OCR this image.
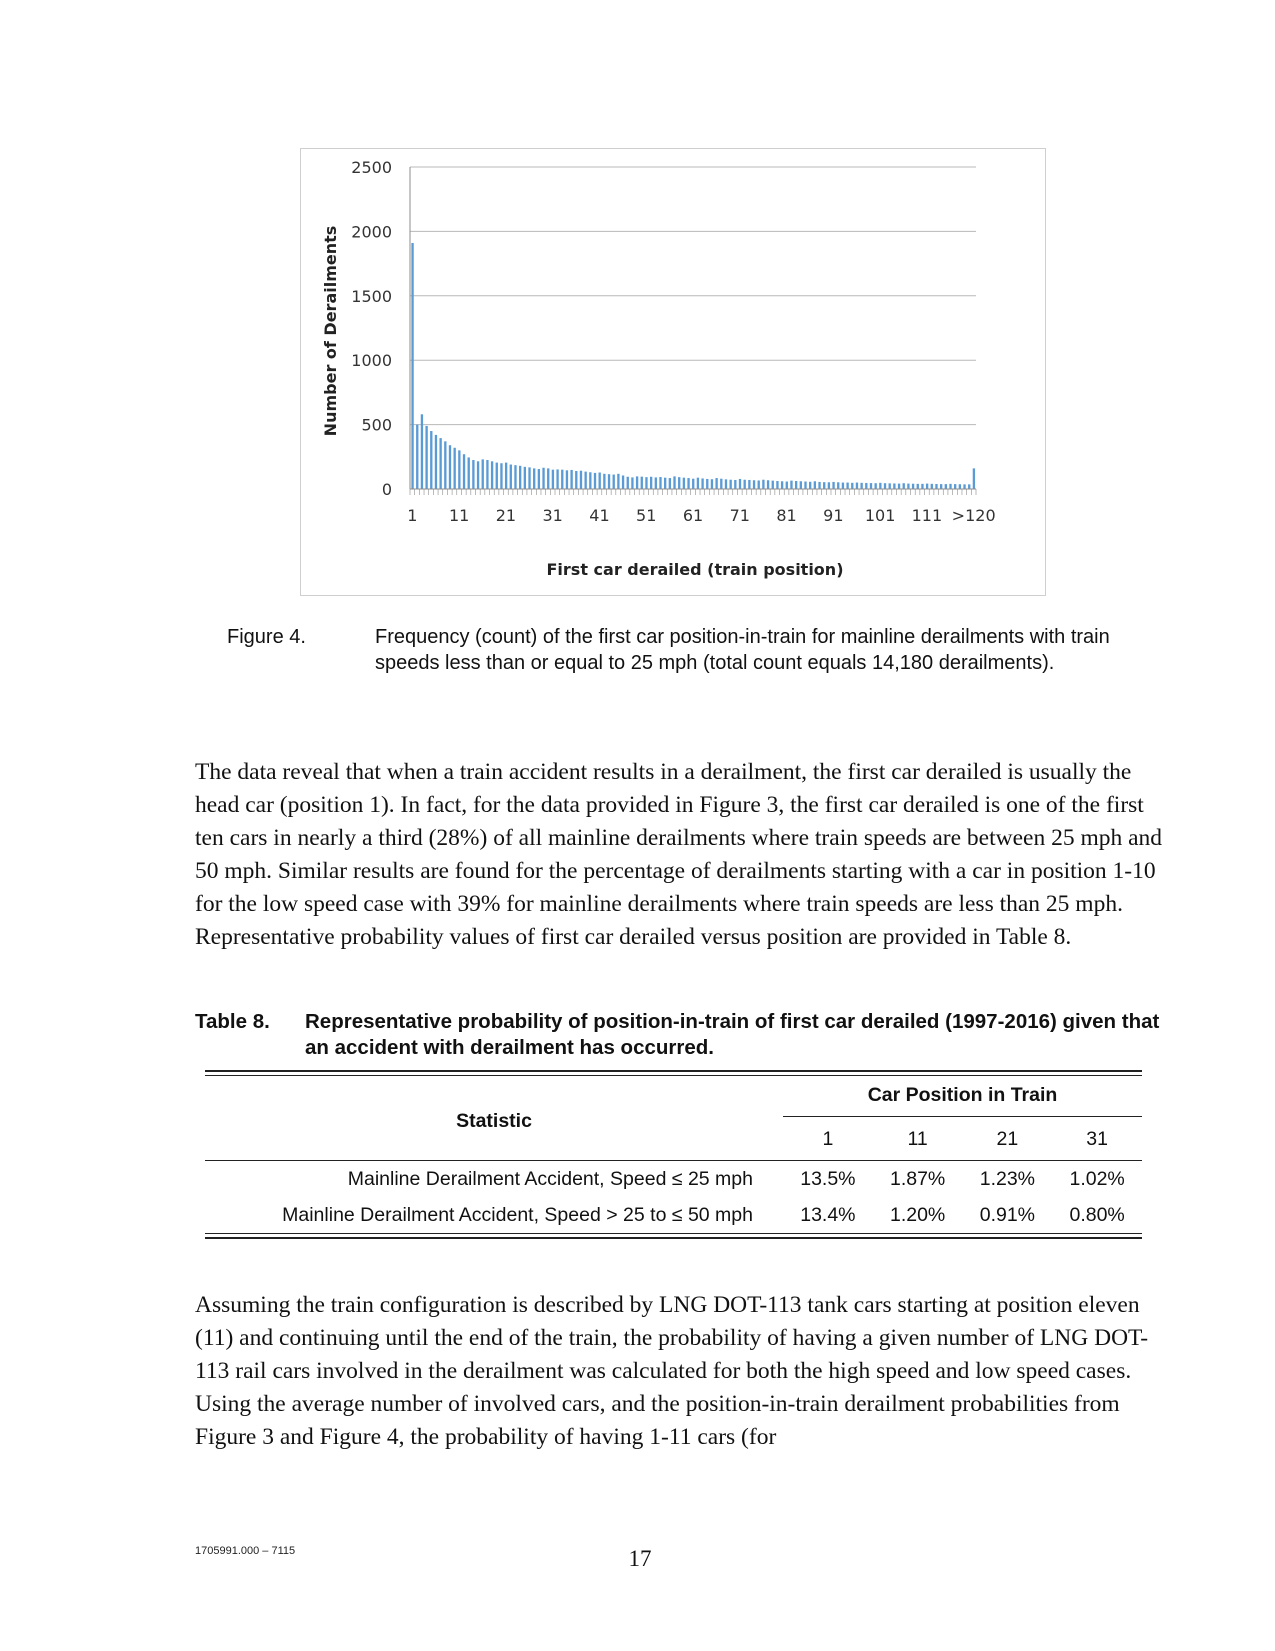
0
500
1000
1500
2000
2500
1 11 21 31 41 51 61 71 81 91 101 111 >120
Number of Derailments
First car derailed (train position)
Figure 4.	Frequency (count) of the first car position-in-train for mainline derailments with train speeds less than or equal to 25 mph (total count equals 14,180 derailments).

The data reveal that when a train accident results in a derailment, the first car derailed is usually the head car (position 1). In fact, for the data provided in Figure 3, the first car derailed is one of the first ten cars in nearly a third (28%) of all mainline derailments where train speeds are between 25 mph and 50 mph. Similar results are found for the percentage of derailments starting with a car in position 1-10 for the low speed case with 39% for mainline derailments where train speeds are less than 25 mph. Representative probability values of first car derailed versus position are provided in Table 8.

Table 8. Representative probability of position-in-train of first car derailed (1997-2016) given that an accident with derailment has occurred.
Statistic
Car Position in Train
1	11	21	31
Mainline Derailment Accident, Speed ≤ 25 mph	13.5%	1.87%	1.23%	1.02%
Mainline Derailment Accident, Speed > 25 to ≤ 50 mph	13.4%	1.20%	0.91%	0.80%

Assuming the train configuration is described by LNG DOT-113 tank cars starting at position eleven (11) and continuing until the end of the train, the probability of having a given number of LNG DOT-113 rail cars involved in the derailment was calculated for both the high speed and low speed cases. Using the average number of involved cars, and the position-in-train derailment probabilities from Figure 3 and Figure 4, the probability of having 1-11 cars (for

1705991.000 – 7115	17
